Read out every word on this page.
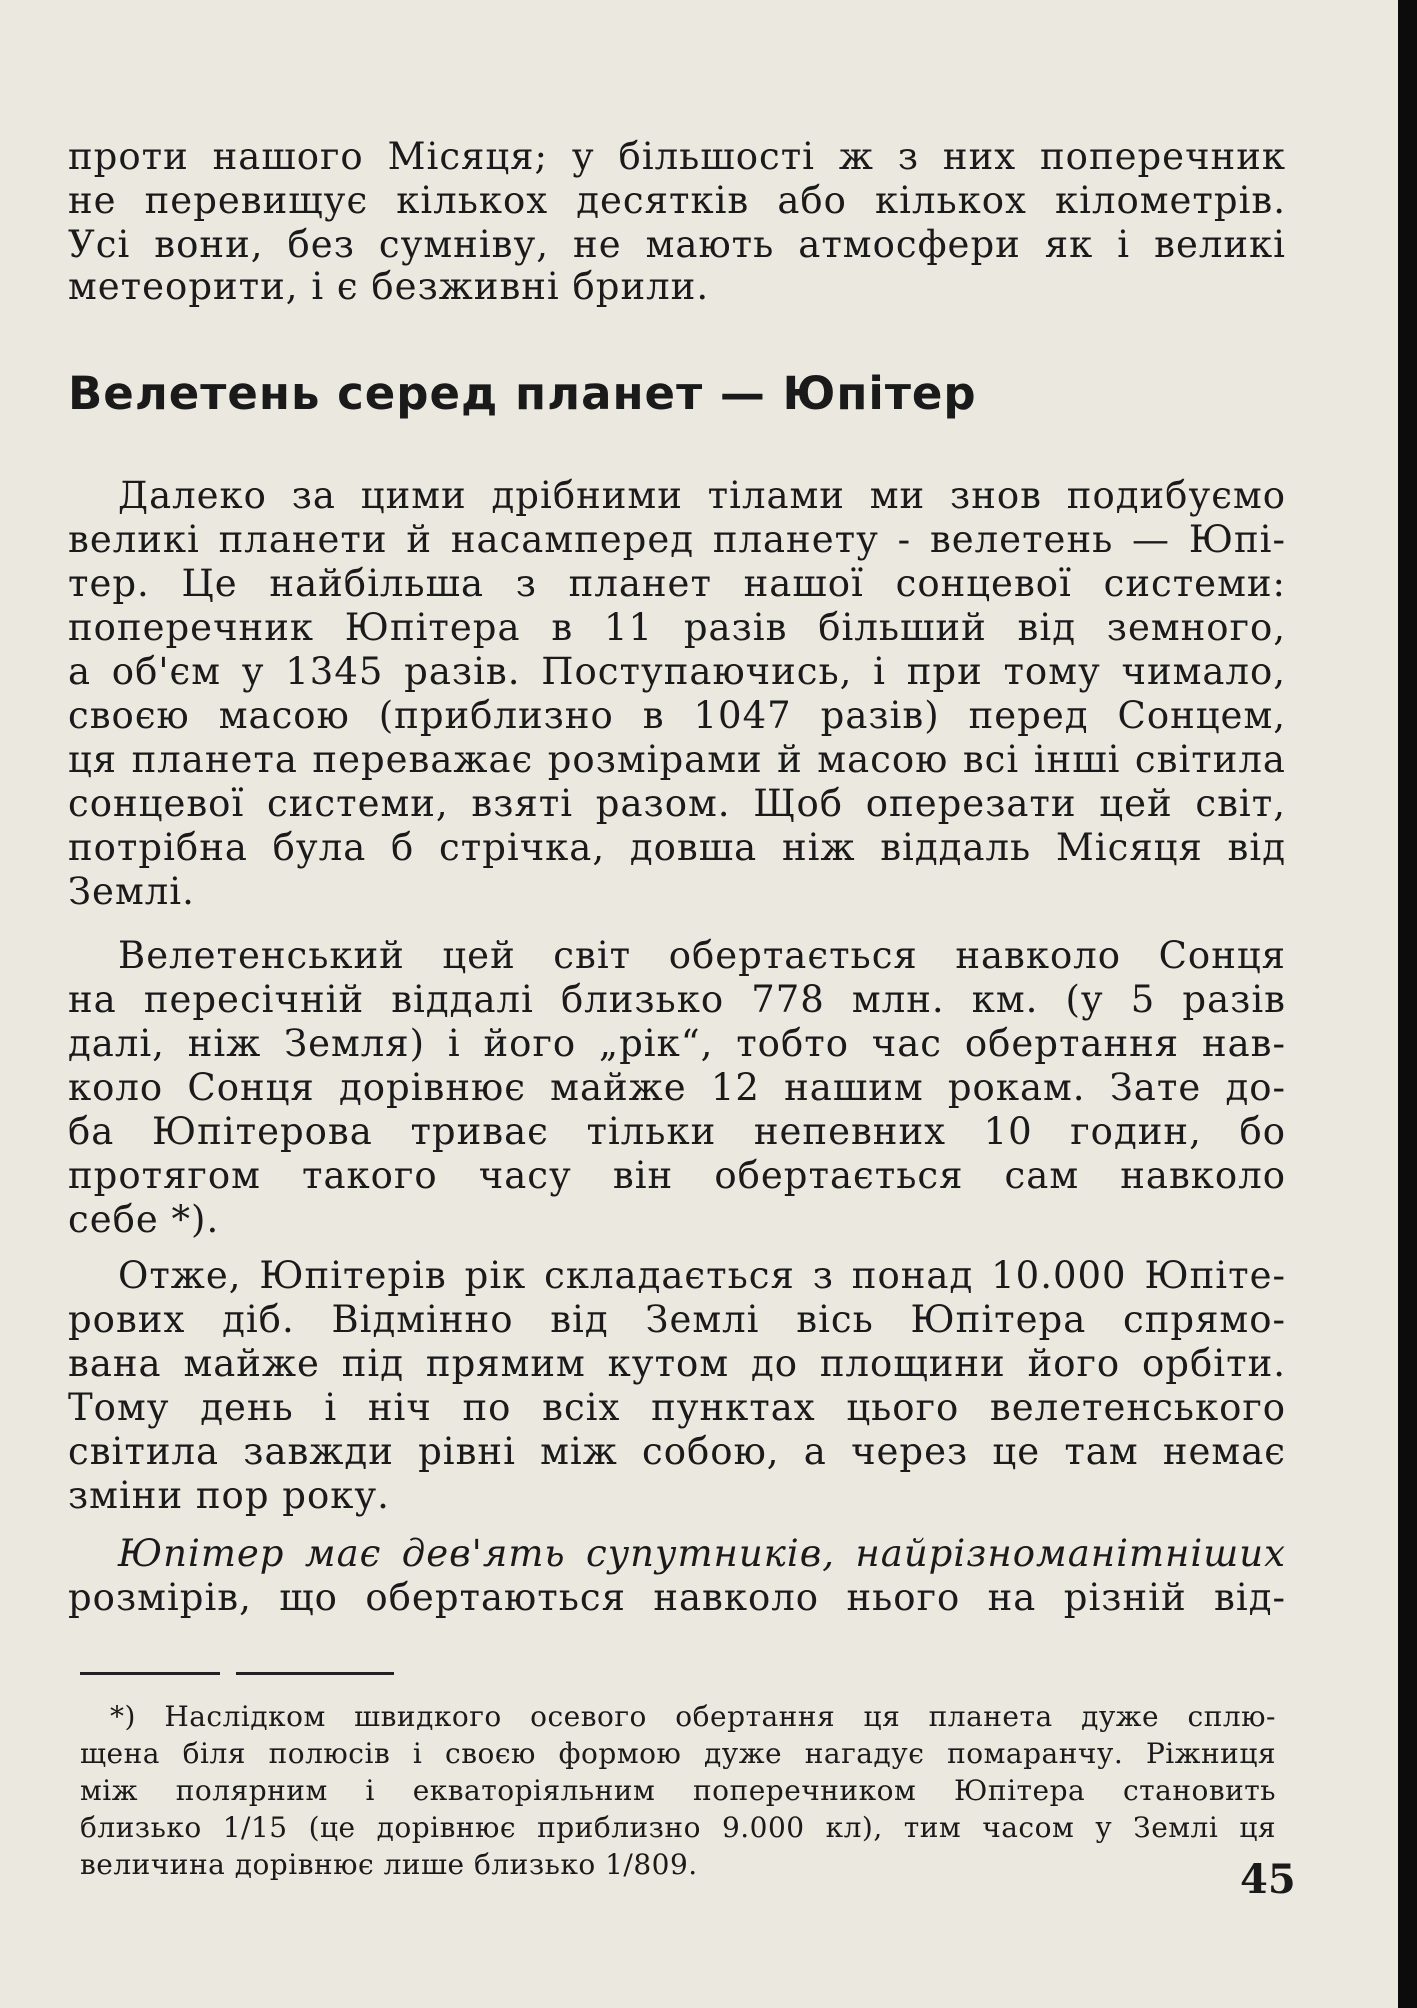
проти нашого Місяця; у більшості ж з них поперечник
не перевищує кількох десятків або кількох кілометрів.
Усі вони, без сумніву, не мають атмосфери як і великі
метеорити, і є безживні брили.
Велетень серед планет — Юпітер
Далеко за цими дрібними тілами ми знов подибуємо
великі планети й насамперед планету - велетень — Юпі-
тер. Це найбільша з планет нашої сонцевої системи:
поперечник Юпітера в 11 разів більший від земного,
а об'єм у 1345 разів. Поступаючись, і при тому чимало,
своєю масою (приблизно в 1047 разів) перед Сонцем,
ця планета переважає розмірами й масою всі інші світила
сонцевої системи, взяті разом. Щоб оперезати цей світ,
потрібна була б стрічка, довша ніж віддаль Місяця від
Землі.
Велетенський цей світ обертається навколо Сонця
на пересічній віддалі близько 778 млн. км. (у 5 разів
далі, ніж Земля) і його „рік“, тобто час обертання нав-
коло Сонця дорівнює майже 12 нашим рокам. Зате до-
ба Юпітерова триває тільки непевних 10 годин, бо
протягом такого часу він обертається сам навколо
себе *).
Отже, Юпітерів рік складається з понад 10.000 Юпіте-
рових діб. Відмінно від Землі вісь Юпітера спрямо-
вана майже під прямим кутом до площини його орбіти.
Тому день і ніч по всіх пунктах цього велетенського
світила завжди рівні між собою, а через це там немає
зміни пор року.
Юпітер має дев'ять супутників, найрізноманітніших
розмірів, що обертаються навколо нього на різній від-
*) Наслідком швидкого осевого обертання ця планета дуже сплю-
щена біля полюсів і своєю формою дуже нагадує помаранчу. Ріжниця
між полярним і екваторіяльним поперечником Юпітера становить
близько 1/15 (це дорівнює приблизно 9.000 кл), тим часом у Землі ця
величина дорівнює лише близько 1/809.	45
